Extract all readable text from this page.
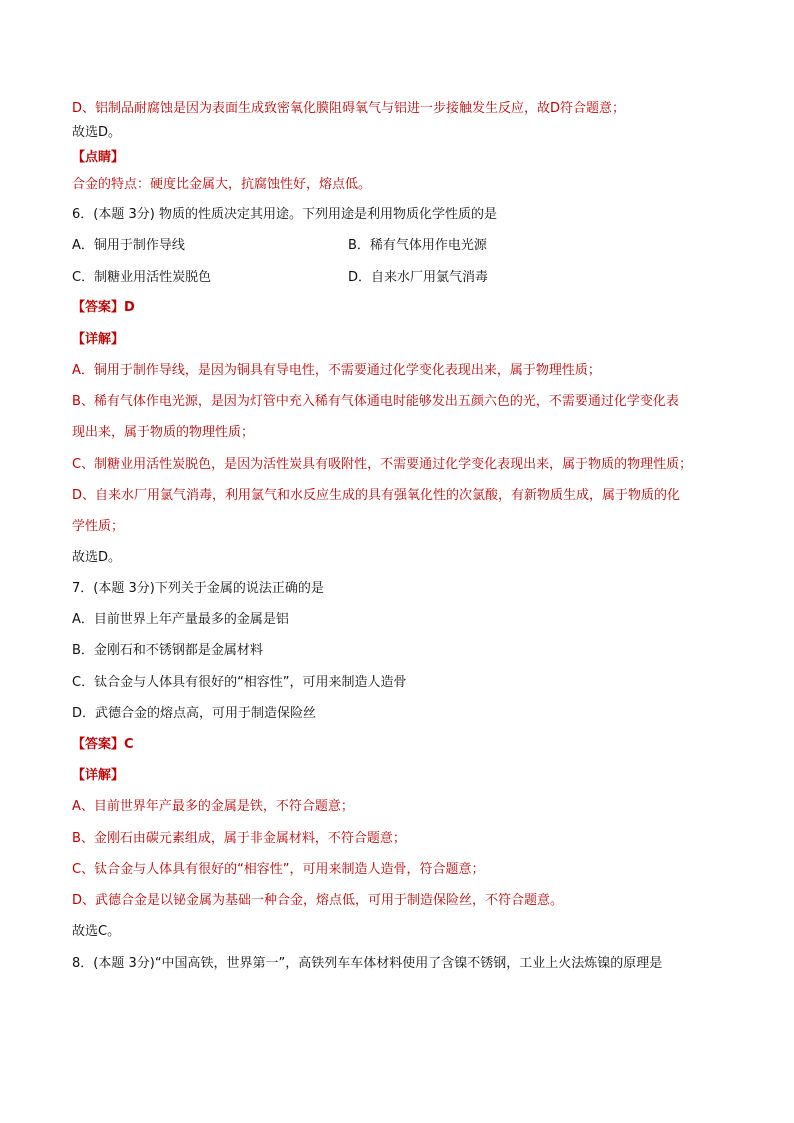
D、铝制品耐腐蚀是因为表面生成致密氧化膜阻碍氧气与铝进一步接触发生反应，故D符合题意；
故选D。
【点睛】
合金的特点：硬度比金属大，抗腐蚀性好，熔点低。
6．(本题 3分) 物质的性质决定其用途。下列用途是利用物质化学性质的是
A．铜用于制作导线	B．稀有气体用作电光源
C．制糖业用活性炭脱色	D．自来水厂用氯气消毒
【答案】D
【详解】
A．铜用于制作导线，是因为铜具有导电性，不需要通过化学变化表现出来，属于物理性质；
B、稀有气体作电光源，是因为灯管中充入稀有气体通电时能够发出五颜六色的光，不需要通过化学变化表
现出来，属于物质的物理性质；
C、制糖业用活性炭脱色，是因为活性炭具有吸附性，不需要通过化学变化表现出来，属于物质的物理性质；
D、自来水厂用氯气消毒，利用氯气和水反应生成的具有强氧化性的次氯酸，有新物质生成，属于物质的化
学性质；
故选D。
7．(本题 3分)下列关于金属的说法正确的是
A．目前世界上年产量最多的金属是铝
B．金刚石和不锈钢都是金属材料
C．钛合金与人体具有很好的“相容性”，可用来制造人造骨
D．武德合金的熔点高，可用于制造保险丝
【答案】C
【详解】
A、目前世界年产最多的金属是铁，不符合题意；
B、金刚石由碳元素组成，属于非金属材料，不符合题意；
C、钛合金与人体具有很好的“相容性”，可用来制造人造骨，符合题意；
D、武德合金是以铋金属为基础一种合金，熔点低，可用于制造保险丝，不符合题意。
故选C。
8．(本题 3分)“中国高铁，世界第一”，高铁列车车体材料使用了含镍不锈钢，工业上火法炼镍的原理是
